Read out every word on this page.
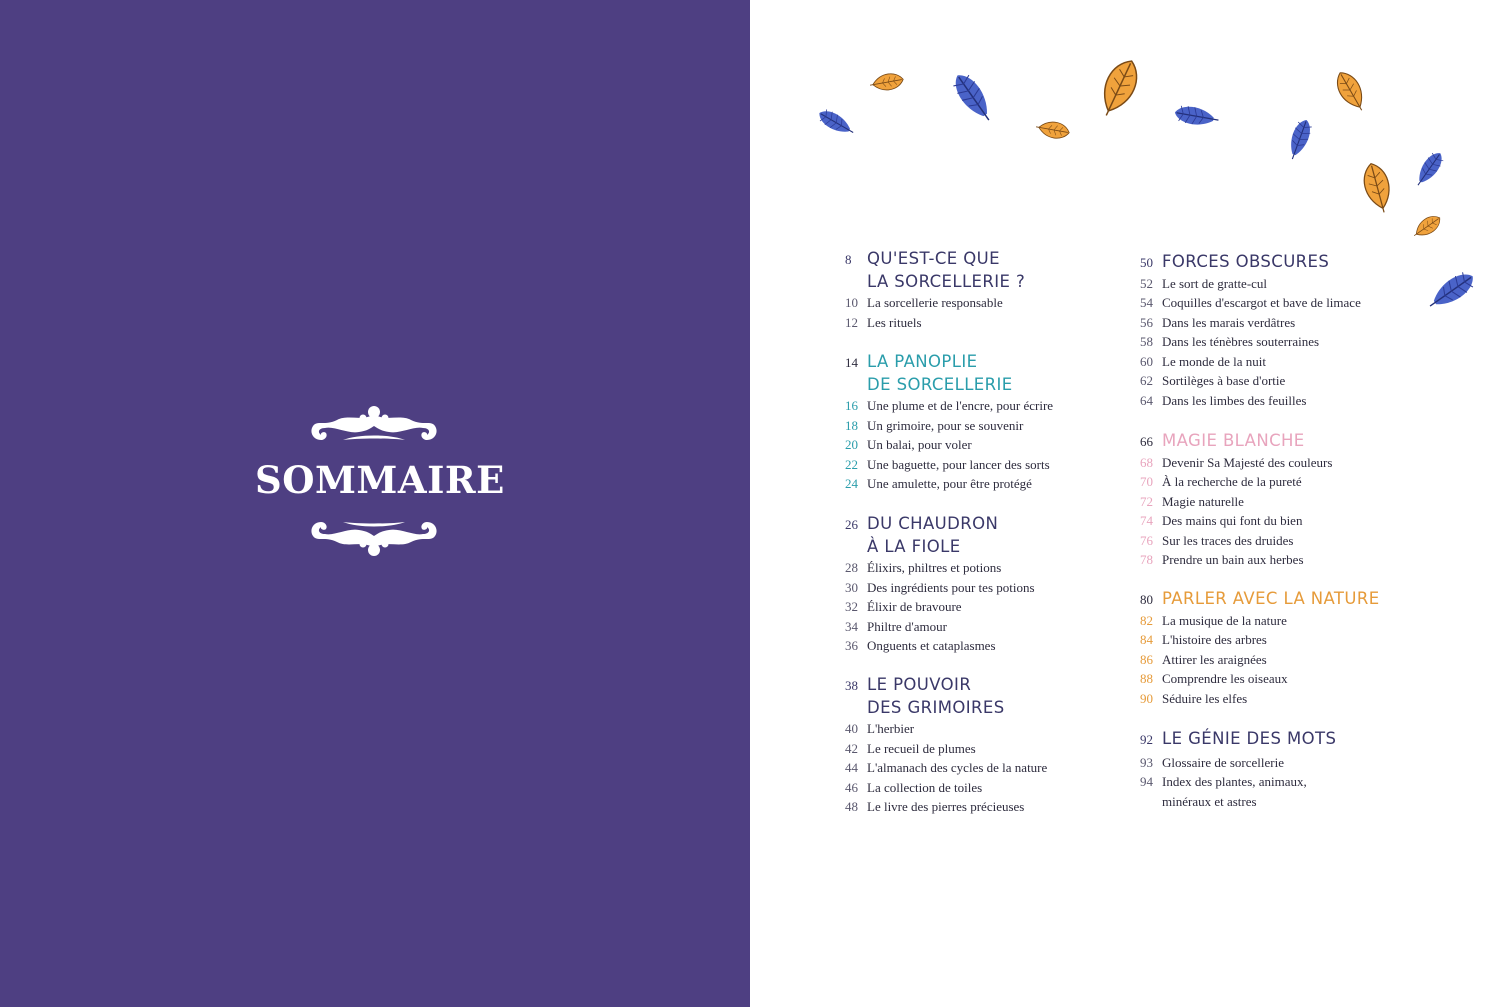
SOMMAIRE
8 QU'EST-CE QUE
LA SORCELLERIE ?
10 La sorcellerie responsable
12 Les rituels
14 LA PANOPLIE
DE SORCELLERIE
16 Une plume et de l'encre, pour écrire
18 Un grimoire, pour se souvenir
20 Un balai, pour voler
22 Une baguette, pour lancer des sorts
24 Une amulette, pour être protégé
26 DU CHAUDRON
À LA FIOLE
28 Élixirs, philtres et potions
30 Des ingrédients pour tes potions
32 Élixir de bravoure
34 Philtre d'amour
36 Onguents et cataplasmes
38 LE POUVOIR
DES GRIMOIRES
40 L'herbier
42 Le recueil de plumes
44 L'almanach des cycles de la nature
46 La collection de toiles
48 Le livre des pierres précieuses
50 FORCES OBSCURES
52 Le sort de gratte-cul
54 Coquilles d'escargot et bave de limace
56 Dans les marais verdâtres
58 Dans les ténèbres souterraines
60 Le monde de la nuit
62 Sortilèges à base d'ortie
64 Dans les limbes des feuilles
66 MAGIE BLANCHE
68 Devenir Sa Majesté des couleurs
70 À la recherche de la pureté
72 Magie naturelle
74 Des mains qui font du bien
76 Sur les traces des druides
78 Prendre un bain aux herbes
80 PARLER AVEC LA NATURE
82 La musique de la nature
84 L'histoire des arbres
86 Attirer les araignées
88 Comprendre les oiseaux
90 Séduire les elfes
92 LE GÉNIE DES MOTS
93 Glossaire de sorcellerie
94 Index des plantes, animaux,
minéraux et astres
